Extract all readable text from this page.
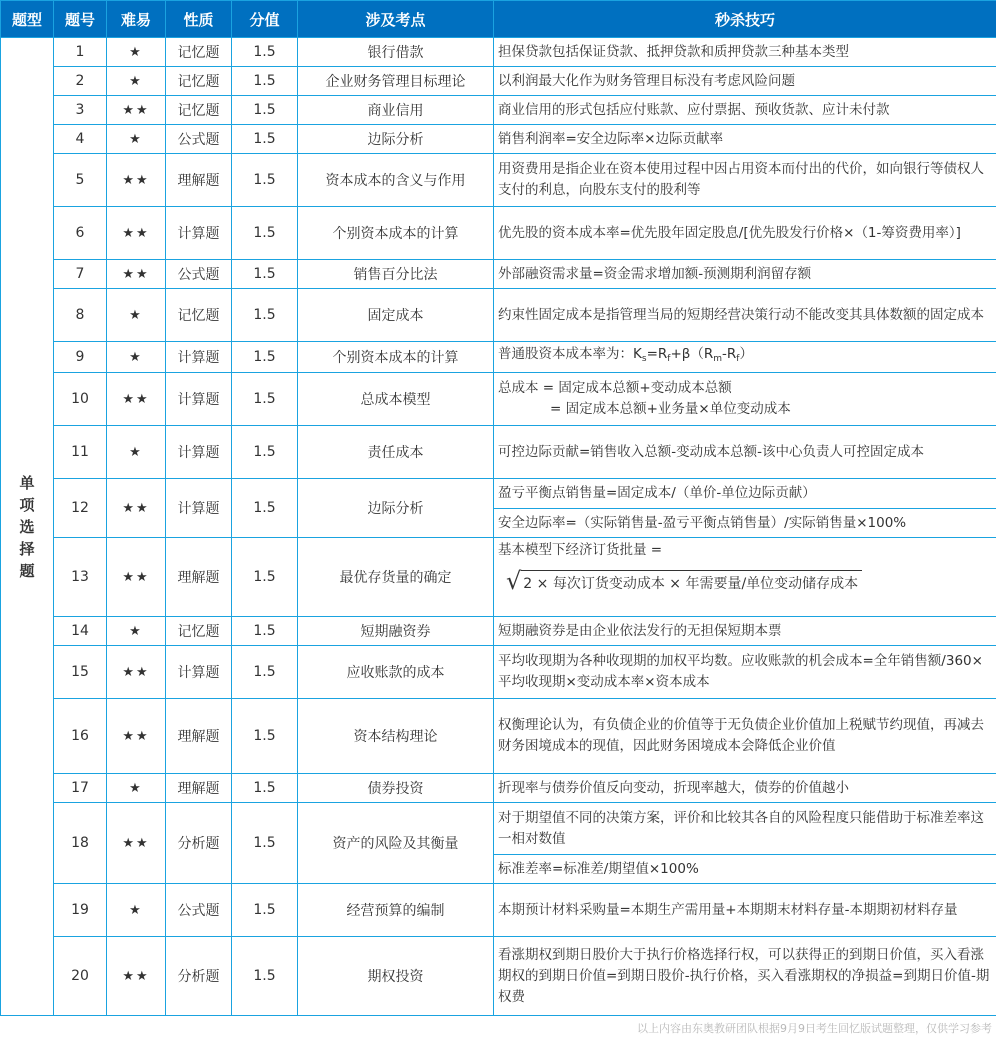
题型	题号	难易	性质	分值	涉及考点	秒杀技巧

单项选择题	1	★	记忆题	1.5	银行借款	担保贷款包括保证贷款、抵押贷款和质押贷款三种基本类型
	2	★	记忆题	1.5	企业财务管理目标理论	以利润最大化作为财务管理目标没有考虑风险问题
	3	★★	记忆题	1.5	商业信用	商业信用的形式包括应付账款、应付票据、预收货款、应计未付款
	4	★	公式题	1.5	边际分析	销售利润率=安全边际率×边际贡献率
	5	★★	理解题	1.5	资本成本的含义与作用	用资费用是指企业在资本使用过程中因占用资本而付出的代价，如向银行等债权人支付的利息，向股东支付的股利等
	6	★★	计算题	1.5	个别资本成本的计算	优先股的资本成本率=优先股年固定股息/[优先股发行价格×（1-筹资费用率）]
	7	★★	公式题	1.5	销售百分比法	外部融资需求量=资金需求增加额-预测期利润留存额
	8	★	记忆题	1.5	固定成本	约束性固定成本是指管理当局的短期经营决策行动不能改变其具体数额的固定成本
	9	★	计算题	1.5	个别资本成本的计算	普通股资本成本率为：$K_s=R_f+\beta(R_m-R_f)$
	10	★★	计算题	1.5	总成本模型	总成本 = 固定成本总额+变动成本总额
= 固定成本总额+业务量×单位变动成本

	11	★	计算题	1.5	责任成本	可控边际贡献=销售收入总额-变动成本总额-该中心负责人可控固定成本
	12	★★	计算题	1.5	边际分析	盈亏平衡点销售量=固定成本/（单价-单位边际贡献）
						安全边际率=（实际销售量-盈亏平衡点销售量）/实际销售量×100%
	13	★★	理解题	1.5	最优存货量的确定	基本模型下经济订货批量 =
√ 2 × 每次订货变动成本 × 年需要量/单位变动储存成本

	14	★	记忆题	1.5	短期融资券	短期融资券是由企业依法发行的无担保短期本票
	15	★★	计算题	1.5	应收账款的成本	平均收现期为各种收现期的加权平均数。应收账款的机会成本=全年销售额/360×平均收现期×变动成本率×资本成本
	16	★★	理解题	1.5	资本结构理论	权衡理论认为，有负债企业的价值等于无负债企业价值加上税赋节约现值，再减去财务困境成本的现值，因此财务困境成本会降低企业价值
	17	★	理解题	1.5	债券投资	折现率与债券价值反向变动，折现率越大，债券的价值越小
	18	★★	分析题	1.5	资产的风险及其衡量	对于期望值不同的决策方案，评价和比较其各自的风险程度只能借助于标准差率这一相对数值
						标准差率=标准差/期望值×100%
	19	★	公式题	1.5	经营预算的编制	本期预计材料采购量=本期生产需用量+本期期末材料存量-本期期初材料存量
	20	★★	分析题	1.5	期权投资	看涨期权到期日股价大于执行价格选择行权，可以获得正的到期日价值，买入看涨期权的到期日价值=到期日股价-执行价格，买入看涨期权的净损益=到期日价值-期权费
以上内容由东奥教研团队根据9月9日考生回忆版试题整理，仅供学习参考
